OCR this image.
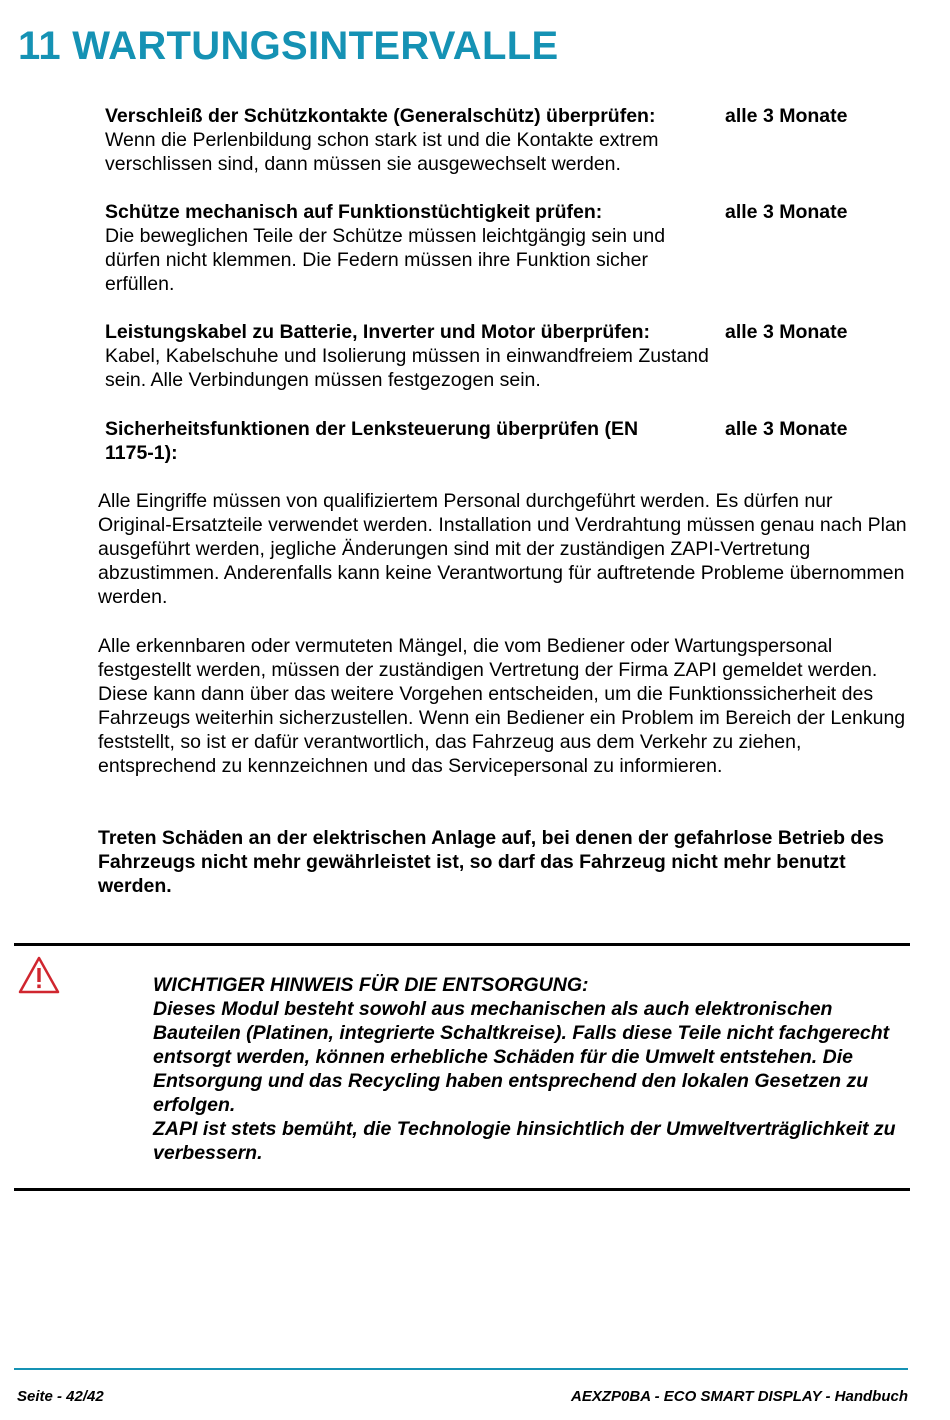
11 WARTUNGSINTERVALLE
Verschleiß der Schützkontakte (Generalschütz) überprüfen:
Wenn die Perlenbildung schon stark ist und die Kontakte extrem verschlissen sind, dann müssen sie ausgewechselt werden.
alle 3 Monate
Schütze mechanisch auf Funktionstüchtigkeit prüfen:
Die beweglichen Teile der Schütze müssen leichtgängig sein und dürfen nicht klemmen. Die Federn müssen ihre Funktion sicher erfüllen.
alle 3 Monate
Leistungskabel zu Batterie, Inverter und Motor überprüfen:
Kabel, Kabelschuhe und Isolierung müssen in einwandfreiem Zustand sein. Alle Verbindungen müssen festgezogen sein.
alle 3 Monate
Sicherheitsfunktionen der Lenksteuerung überprüfen (EN 1175-1):
alle 3 Monate

Alle Eingriffe müssen von qualifiziertem Personal durchgeführt werden. Es dürfen nur Original-Ersatzteile verwendet werden. Installation und Verdrahtung müssen genau nach Plan ausgeführt werden, jegliche Änderungen sind mit der zuständigen ZAPI-Vertretung abzustimmen. Anderenfalls kann keine Verantwortung für auftretende Probleme übernommen werden.

Alle erkennbaren oder vermuteten Mängel, die vom Bediener oder Wartungspersonal festgestellt werden, müssen der zuständigen Vertretung der Firma ZAPI gemeldet werden. Diese kann dann über das weitere Vorgehen entscheiden, um die Funktionssicherheit des Fahrzeugs weiterhin sicherzustellen. Wenn ein Bediener ein Problem im Bereich der Lenkung feststellt, so ist er dafür verantwortlich, das Fahrzeug aus dem Verkehr zu ziehen, entsprechend zu kennzeichnen und das Servicepersonal zu informieren.

Treten Schäden an der elektrischen Anlage auf, bei denen der gefahrlose Betrieb des Fahrzeugs nicht mehr gewährleistet ist, so darf das Fahrzeug nicht mehr benutzt werden.

WICHTIGER HINWEIS FÜR DIE ENTSORGUNG:
Dieses Modul besteht sowohl aus mechanischen als auch elektronischen Bauteilen (Platinen, integrierte Schaltkreise). Falls diese Teile nicht fachgerecht entsorgt werden, können erhebliche Schäden für die Umwelt entstehen. Die Entsorgung und das Recycling haben entsprechend den lokalen Gesetzen zu erfolgen.
ZAPI ist stets bemüht, die Technologie hinsichtlich der Umweltverträglichkeit zu verbessern.
Seite - 42/42	AEXZP0BA - ECO SMART DISPLAY - Handbuch
